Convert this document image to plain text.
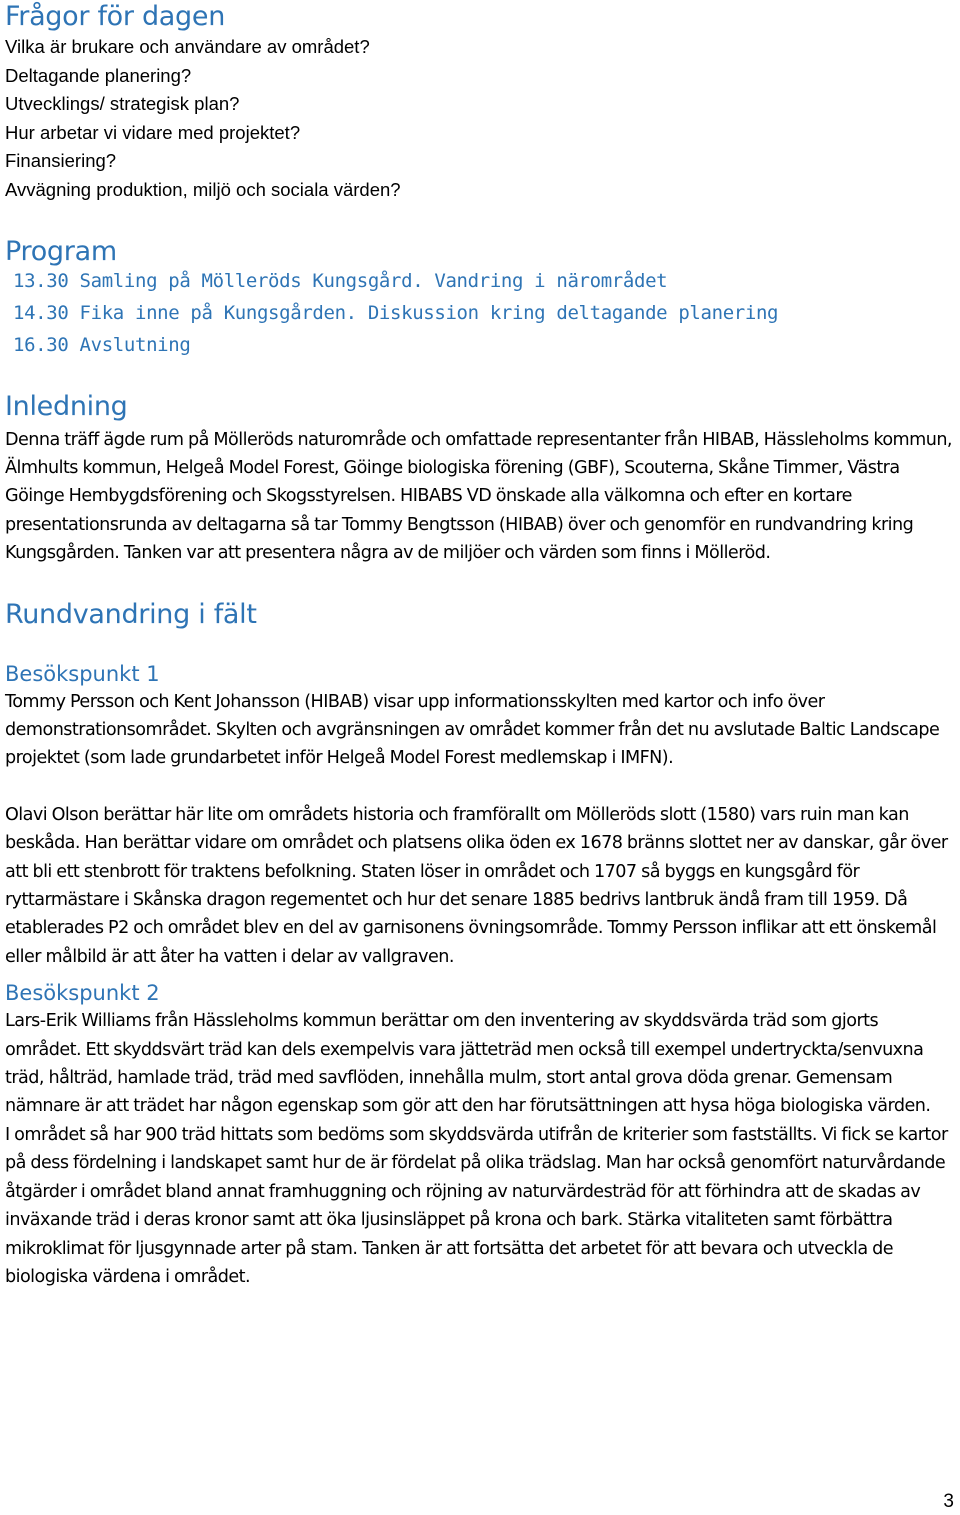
Frågor för dagen
Vilka är brukare och användare av området?
Deltagande planering?
Utvecklings/ strategisk plan?
Hur arbetar vi vidare med projektet?
Finansiering?
Avvägning produktion, miljö och sociala värden?
Program
13.30 Samling på Mölleröds Kungsgård. Vandring i närområdet
14.30 Fika inne på Kungsgården. Diskussion kring deltagande planering
16.30 Avslutning
Inledning

Denna träff ägde rum på Mölleröds naturområde och omfattade representanter från HIBAB, Hässleholms kommun, Älmhults kommun, Helgeå Model Forest, Göinge biologiska förening (GBF), Scouterna, Skåne Timmer, Västra Göinge Hembygdsförening och Skogsstyrelsen. HIBABS VD önskade alla välkomna och efter en kortare presentationsrunda av deltagarna så tar Tommy Bengtsson (HIBAB) över och genomför en rundvandring kring Kungsgården. Tanken var att presentera några av de miljöer och värden som finns i Mölleröd.

Rundvandring i fält
Besökspunkt 1

Tommy Persson och Kent Johansson (HIBAB) visar upp informationsskylten med kartor och info över demonstrationsområdet. Skylten och avgränsningen av området kommer från det nu avslutade Baltic Landscape projektet (som lade grundarbetet inför Helgeå Model Forest medlemskap i IMFN).

Olavi Olson berättar här lite om områdets historia och framförallt om Mölleröds slott (1580) vars ruin man kan beskåda. Han berättar vidare om området och platsens olika öden ex 1678 bränns slottet ner av danskar, går över att bli ett stenbrott för traktens befolkning. Staten löser in området och 1707 så byggs en kungsgård för ryttarmästare i Skånska dragon regementet och hur det senare 1885 bedrivs lantbruk ändå fram till 1959. Då etablerades P2 och området blev en del av garnisonens övningsområde. Tommy Persson inflikar att ett önskemål eller målbild är att åter ha vatten i delar av vallgraven.

Besökspunkt 2

Lars-Erik Williams från Hässleholms kommun berättar om den inventering av skyddsvärda träd som gjorts området. Ett skyddsvärt träd kan dels exempelvis vara jätteträd men också till exempel undertryckta/senvuxna träd, hålträd, hamlade träd, träd med savflöden, innehålla mulm, stort antal grova döda grenar. Gemensam nämnare är att trädet har någon egenskap som gör att den har förutsättningen att hysa höga biologiska värden.

I området så har 900 träd hittats som bedöms som skyddsvärda utifrån de kriterier som fastställts. Vi fick se kartor på dess fördelning i landskapet samt hur de är fördelat på olika trädslag. Man har också genomfört naturvårdande åtgärder i området bland annat framhuggning och röjning av naturvärdesträd för att förhindra att de skadas av inväxande träd i deras kronor samt att öka ljusinsläppet på krona och bark. Stärka vitaliteten samt förbättra mikroklimat för ljusgynnade arter på stam. Tanken är att fortsätta det arbetet för att bevara och utveckla de biologiska värdena i området.

3
